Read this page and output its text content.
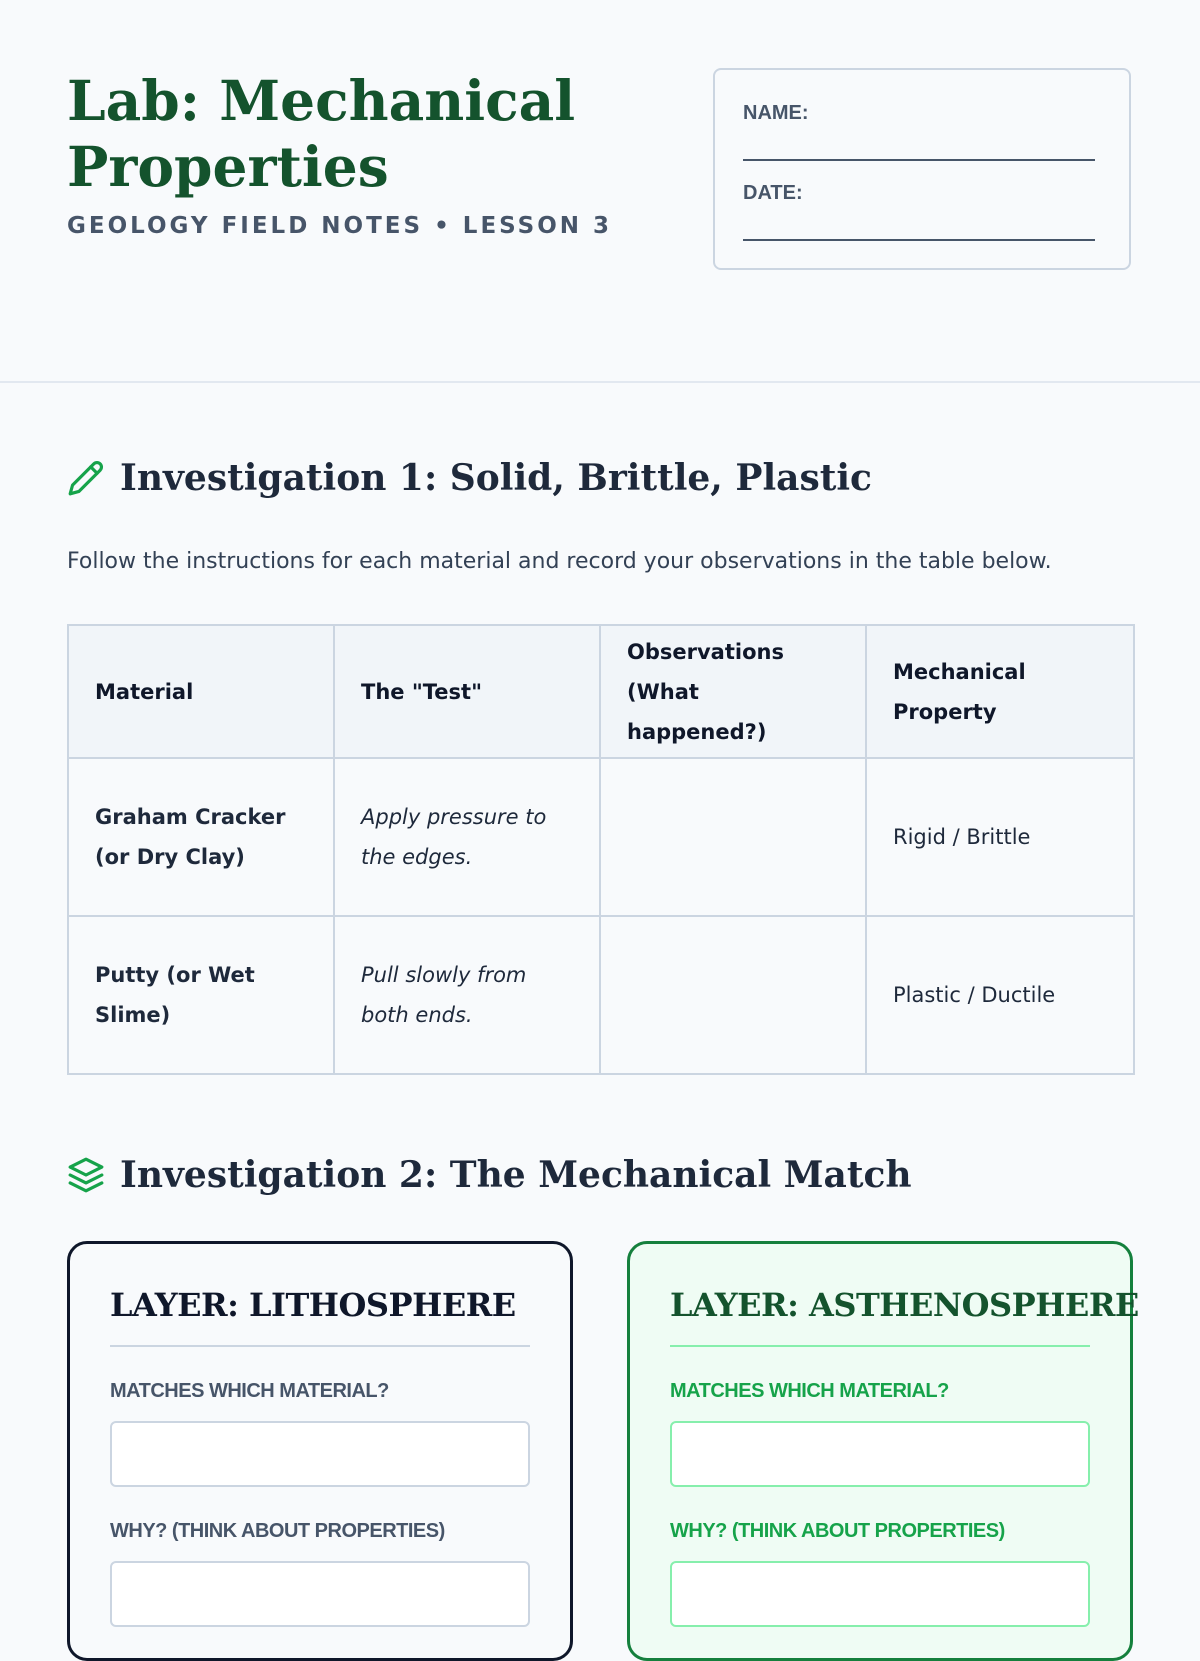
Lab: Mechanical Properties
GEOLOGY FIELD NOTES • LESSON 3
NAME:
DATE:
Investigation 1: Solid, Brittle, Plastic
Follow the instructions for each material and record your observations in the table below.
Material	The "Test"	Observations (What happened?)	Mechanical Property
Graham Cracker (or Dry Clay)	Apply pressure to the edges.		Rigid / Brittle
Putty (or Wet Slime)	Pull slowly from both ends.		Plastic / Ductile
Investigation 2: The Mechanical Match
LAYER: LITHOSPHERE
MATCHES WHICH MATERIAL?
WHY? (THINK ABOUT PROPERTIES)
LAYER: ASTHENOSPHERE
MATCHES WHICH MATERIAL?
WHY? (THINK ABOUT PROPERTIES)
